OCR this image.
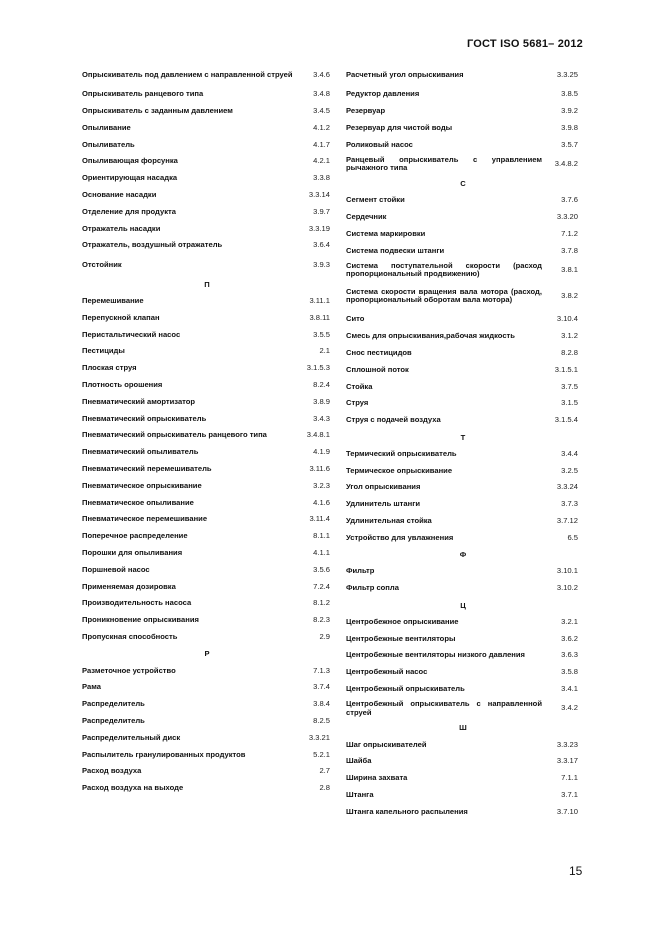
ГОСТ ISO 5681– 2012
Опрыскиватель под давлением с направленной струей	3.4.6
Опрыскиватель ранцевого типа	3.4.8
Опрыскиватель с заданным давлением	3.4.5
Опыливание	4.1.2
Опыливатель	4.1.7
Опыливающая форсунка	4.2.1
Ориентирующая насадка	3.3.8
Основание насадки	3.3.14
Отделение для продукта	3.9.7
Отражатель насадки	3.3.19
Отражатель, воздушный отражатель	3.6.4
Отстойник	3.9.3
П
Перемешивание	3.11.1
Перепускной клапан	3.8.11
Перистальтический насос	3.5.5
Пестициды	2.1
Плоская струя	3.1.5.3
Плотность орошения	8.2.4
Пневматический амортизатор	3.8.9
Пневматический опрыскиватель	3.4.3
Пневматический опрыскиватель ранцевого типа	3.4.8.1
Пневматический опыливатель	4.1.9
Пневматический перемешиватель	3.11.6
Пневматическое опрыскивание	3.2.3
Пневматическое опыливание	4.1.6
Пневматическое перемешивание	3.11.4
Поперечное распределение	8.1.1
Порошки для опыливания	4.1.1
Поршневой насос	3.5.6
Применяемая дозировка	7.2.4
Производительность насоса	8.1.2
Проникновение опрыскивания	8.2.3
Пропускная способность	2.9
Р
Разметочное устройство	7.1.3
Рама	3.7.4
Распределитель	3.8.4
Распределитель	8.2.5
Распределительный диск	3.3.21
Распылитель гранулированных продуктов	5.2.1
Расход воздуха	2.7
Расход воздуха на выходе	2.8
Расчетный угол опрыскивания	3.3.25
Редуктор давления	3.8.5
Резервуар	3.9.2
Резервуар для чистой воды	3.9.8
Роликовый насос	3.5.7
Ранцевый опрыскиватель с управлением рычажного типа	3.4.8.2
С
Сегмент стойки	3.7.6
Сердечник	3.3.20
Система маркировки	7.1.2
Система подвески штанги	3.7.8
Система поступательной скорости (расход пропорциональный продвижению)	3.8.1
Система скорости вращения вала мотора (расход, пропорциональный оборотам вала мотора)	3.8.2
Сито	3.10.4
Смесь для опрыскивания,рабочая жидкость	3.1.2
Снос пестицидов	8.2.8
Сплошной поток	3.1.5.1
Стойка	3.7.5
Струя	3.1.5
Струя с подачей воздуха	3.1.5.4
Т
Термический опрыскиватель	3.4.4
Термическое опрыскивание	3.2.5
Угол опрыскивания	3.3.24
Удлинитель штанги	3.7.3
Удлинительная стойка	3.7.12
Устройство для увлажнения	6.5
Ф
Фильтр	3.10.1
Фильтр сопла	3.10.2
Ц
Центробежное опрыскивание	3.2.1
Центробежные вентиляторы	3.6.2
Центробежные вентиляторы низкого давления	3.6.3
Центробежный насос	3.5.8
Центробежный опрыскиватель	3.4.1
Центробежный опрыскиватель с направленной струей	3.4.2
Ш
Шаг опрыскивателей	3.3.23
Шайба	3.3.17
Ширина захвата	7.1.1
Штанга	3.7.1
Штанга капельного распыления	3.7.10
15
